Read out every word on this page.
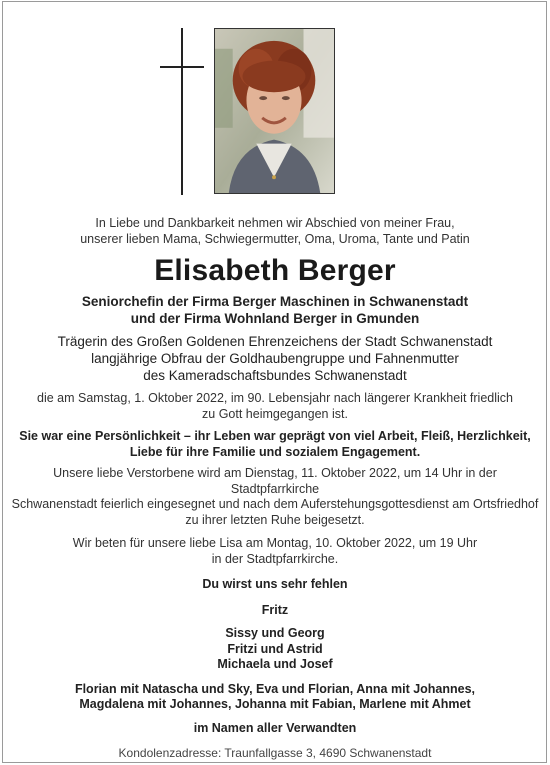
In Liebe und Dankbarkeit nehmen wir Abschied von meiner Frau,

unserer lieben Mama, Schwiegermutter, Oma, Uroma, Tante und Patin

Elisabeth Berger

Seniorchefin der Firma Berger Maschinen in Schwanenstadt

und der Firma Wohnland Berger in Gmunden

Trägerin des Großen Goldenen Ehrenzeichens der Stadt Schwanenstadt

langjährige Obfrau der Goldhaubengruppe und Fahnenmutter

des Kameradschaftsbundes Schwanenstadt

die am Samstag, 1. Oktober 2022, im 90. Lebensjahr nach längerer Krankheit friedlich

zu Gott heimgegangen ist.

Sie war eine Persönlichkeit – ihr Leben war geprägt von viel Arbeit, Fleiß, Herzlichkeit,

Liebe für ihre Familie und sozialem Engagement.

Unsere liebe Verstorbene wird am Dienstag, 11. Oktober 2022, um 14 Uhr in der Stadtpfarrkirche

Schwanenstadt feierlich eingesegnet und nach dem Auferstehungsgottesdienst am Ortsfriedhof

zu ihrer letzten Ruhe beigesetzt.

Wir beten für unsere liebe Lisa am Montag, 10. Oktober 2022, um 19 Uhr

in der Stadtpfarrkirche.

Du wirst uns sehr fehlen

Fritz

Sissy und Georg

Fritzi und Astrid

Michaela und Josef

Florian mit Natascha und Sky, Eva und Florian, Anna mit Johannes,

Magdalena mit Johannes, Johanna mit Fabian, Marlene mit Ahmet

im Namen aller Verwandten

Kondolenzadresse: Traunfallgasse 3, 4690 Schwanenstadt
